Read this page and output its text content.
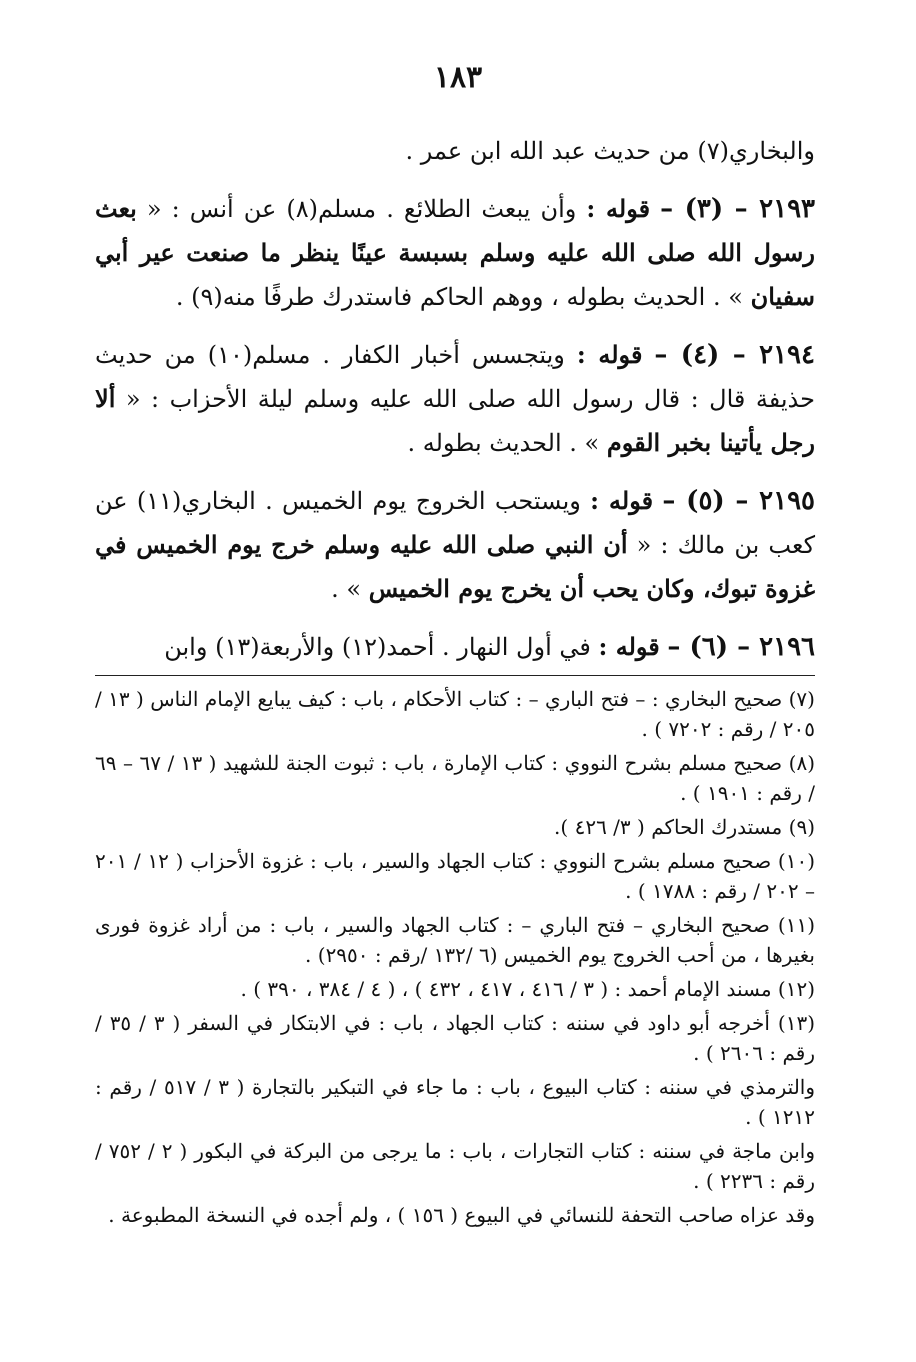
١٨٣

والبخاري(٧) من حديث عبد الله ابن عمر .

٢١٩٣ – (٣) – قوله : وأن يبعث الطلائع . مسلم(٨) عن أنس : « بعث رسول الله صلى الله عليه وسلم بسبسة عينًا ينظر ما صنعت عير أبي سفيان » . الحديث بطوله ، ووهم الحاكم فاستدرك طرفًا منه(٩) .

٢١٩٤ – (٤) – قوله : ويتجسس أخبار الكفار . مسلم(١٠) من حديث حذيفة قال : قال رسول الله صلى الله عليه وسلم ليلة الأحزاب : « ألا رجل يأتينا بخبر القوم » . الحديث بطوله .

٢١٩٥ – (٥) – قوله : ويستحب الخروج يوم الخميس . البخاري(١١) عن كعب بن مالك : « أن النبي صلى الله عليه وسلم خرج يوم الخميس في غزوة تبوك، وكان يحب أن يخرج يوم الخميس » .

٢١٩٦ – (٦) – قوله : في أول النهار . أحمد(١٢) والأربعة(١٣) وابن

(٧) صحيح البخاري : – فتح الباري – : كتاب الأحكام ، باب : كيف يبايع الإمام الناس ( ١٣ / ٢٠٥ / رقم : ٧٢٠٢ ) .

(٨) صحيح مسلم بشرح النووي : كتاب الإمارة ، باب : ثبوت الجنة للشهيد ( ١٣ / ٦٧ – ٦٩ / رقم : ١٩٠١ ) .

(٩) مستدرك الحاكم ( ٣/ ٤٢٦ ).

(١٠) صحيح مسلم بشرح النووي : كتاب الجهاد والسير ، باب : غزوة الأحزاب ( ١٢ / ٢٠١ – ٢٠٢ / رقم : ١٧٨٨ ) .

(١١) صحيح البخاري – فتح الباري – : كتاب الجهاد والسير ، باب : من أراد غزوة فورى بغيرها ، من أحب الخروج يوم الخميس (٦ /١٣٢ /رقم : ٢٩٥٠) .

(١٢) مسند الإمام أحمد : ( ٣ / ٤١٦ ، ٤١٧ ، ٤٣٢ ) ، ( ٤ / ٣٨٤ ، ٣٩٠ ) .

(١٣) أخرجه أبو داود في سننه : كتاب الجهاد ، باب : في الابتكار في السفر ( ٣ / ٣٥ / رقم : ٢٦٠٦ ) .

والترمذي في سننه : كتاب البيوع ، باب : ما جاء في التبكير بالتجارة ( ٣ / ٥١٧ / رقم : ١٢١٢ ) .

وابن ماجة في سننه : كتاب التجارات ، باب : ما يرجى من البركة في البكور ( ٢ / ٧٥٢ / رقم : ٢٢٣٦ ) .

وقد عزاه صاحب التحفة للنسائي في البيوع ( ١٥٦ ) ، ولم أجده في النسخة المطبوعة .
